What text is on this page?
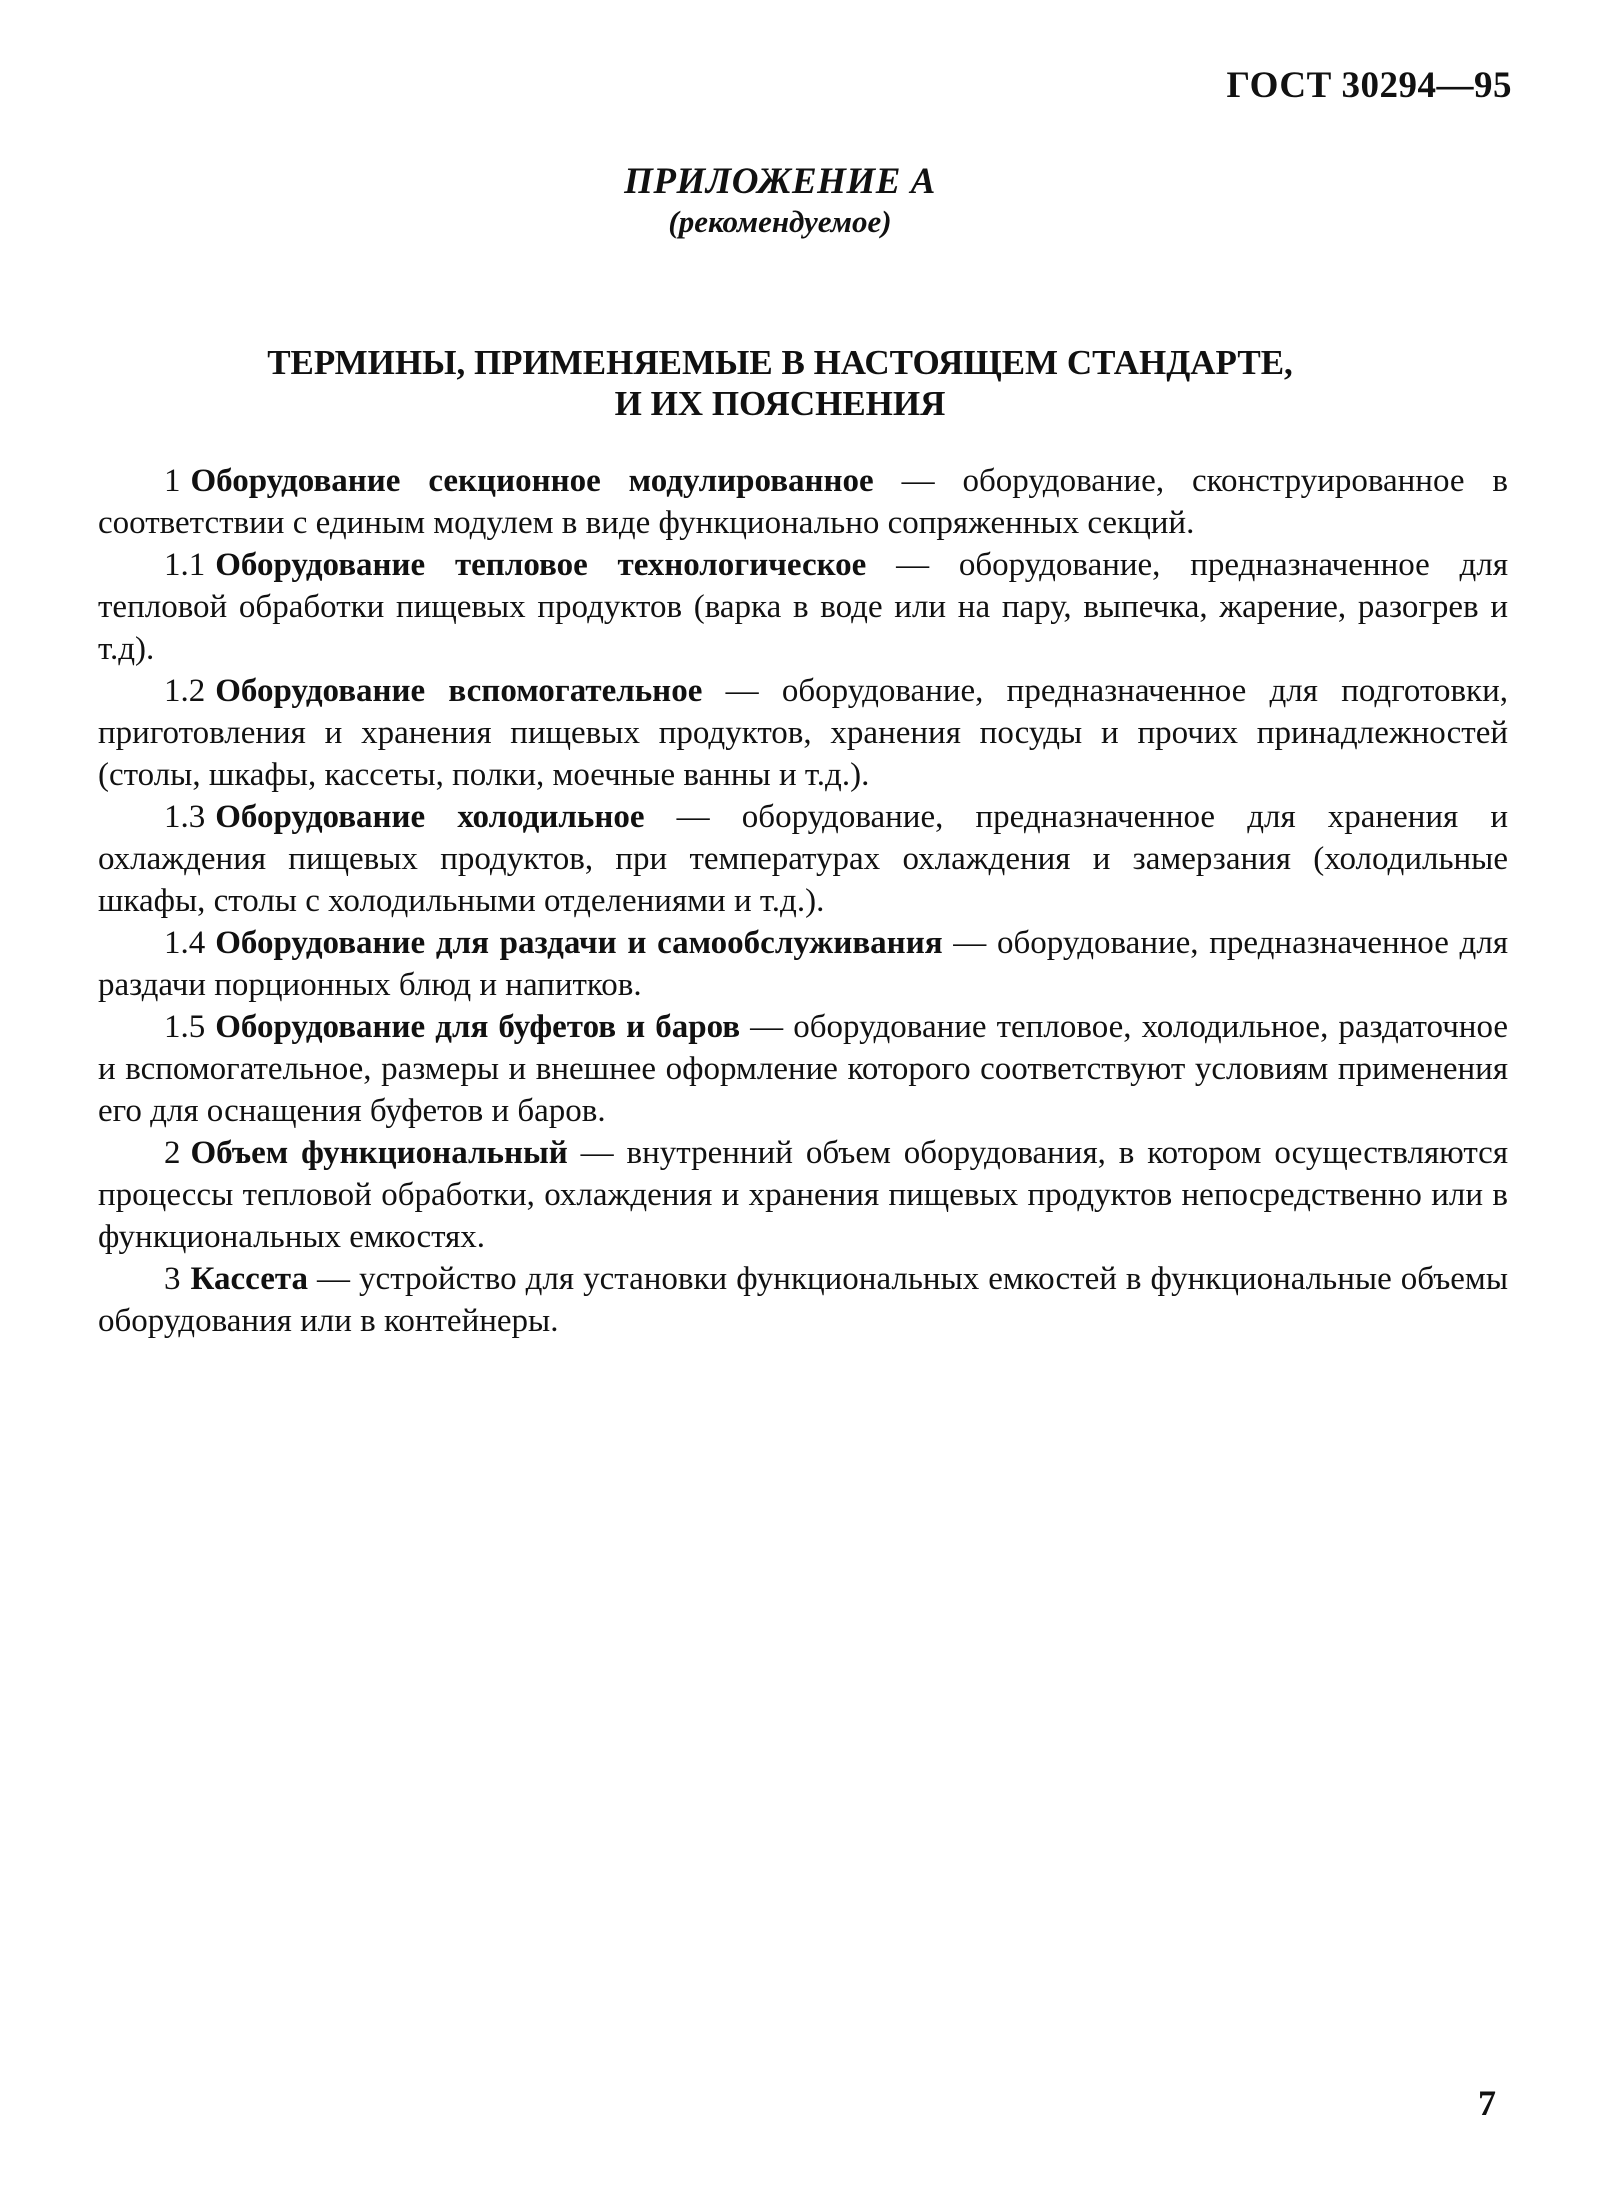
ГОСТ 30294—95
ПРИЛОЖЕНИЕ А
(рекомендуемое)
ТЕРМИНЫ, ПРИМЕНЯЕМЫЕ В НАСТОЯЩЕМ СТАНДАРТЕ,
И ИХ ПОЯСНЕНИЯ

1 Оборудование секционное модулированное — оборудование, сконструированное в соответствии с единым модулем в виде функционально сопряженных секций.

1.1 Оборудование тепловое технологическое — оборудование, предназначенное для тепловой обработки пищевых продуктов (варка в воде или на пару, выпечка, жарение, разогрев и т.д).

1.2 Оборудование вспомогательное — оборудование, предназначенное для подготовки, приготовления и хранения пищевых продуктов, хранения посуды и прочих принадлежностей (столы, шкафы, кассеты, полки, моечные ванны и т.д.).

1.3 Оборудование холодильное — оборудование, предназначенное для хранения и охлаждения пищевых продуктов, при температурах охлаждения и замерзания (холодильные шкафы, столы с холодильными отделениями и т.д.).

1.4 Оборудование для раздачи и самообслуживания — оборудование, предназначенное для раздачи порционных блюд и напитков.

1.5 Оборудование для буфетов и баров — оборудование тепловое, холодильное, раздаточное и вспомогательное, размеры и внешнее оформление которого соответствуют условиям применения его для оснащения буфетов и баров.

2 Объем функциональный — внутренний объем оборудования, в котором осуществляются процессы тепловой обработки, охлаждения и хранения пищевых продуктов непосредственно или в функциональных емкостях.

3 Кассета — устройство для установки функциональных емкостей в функциональные объемы оборудования или в контейнеры.

7
